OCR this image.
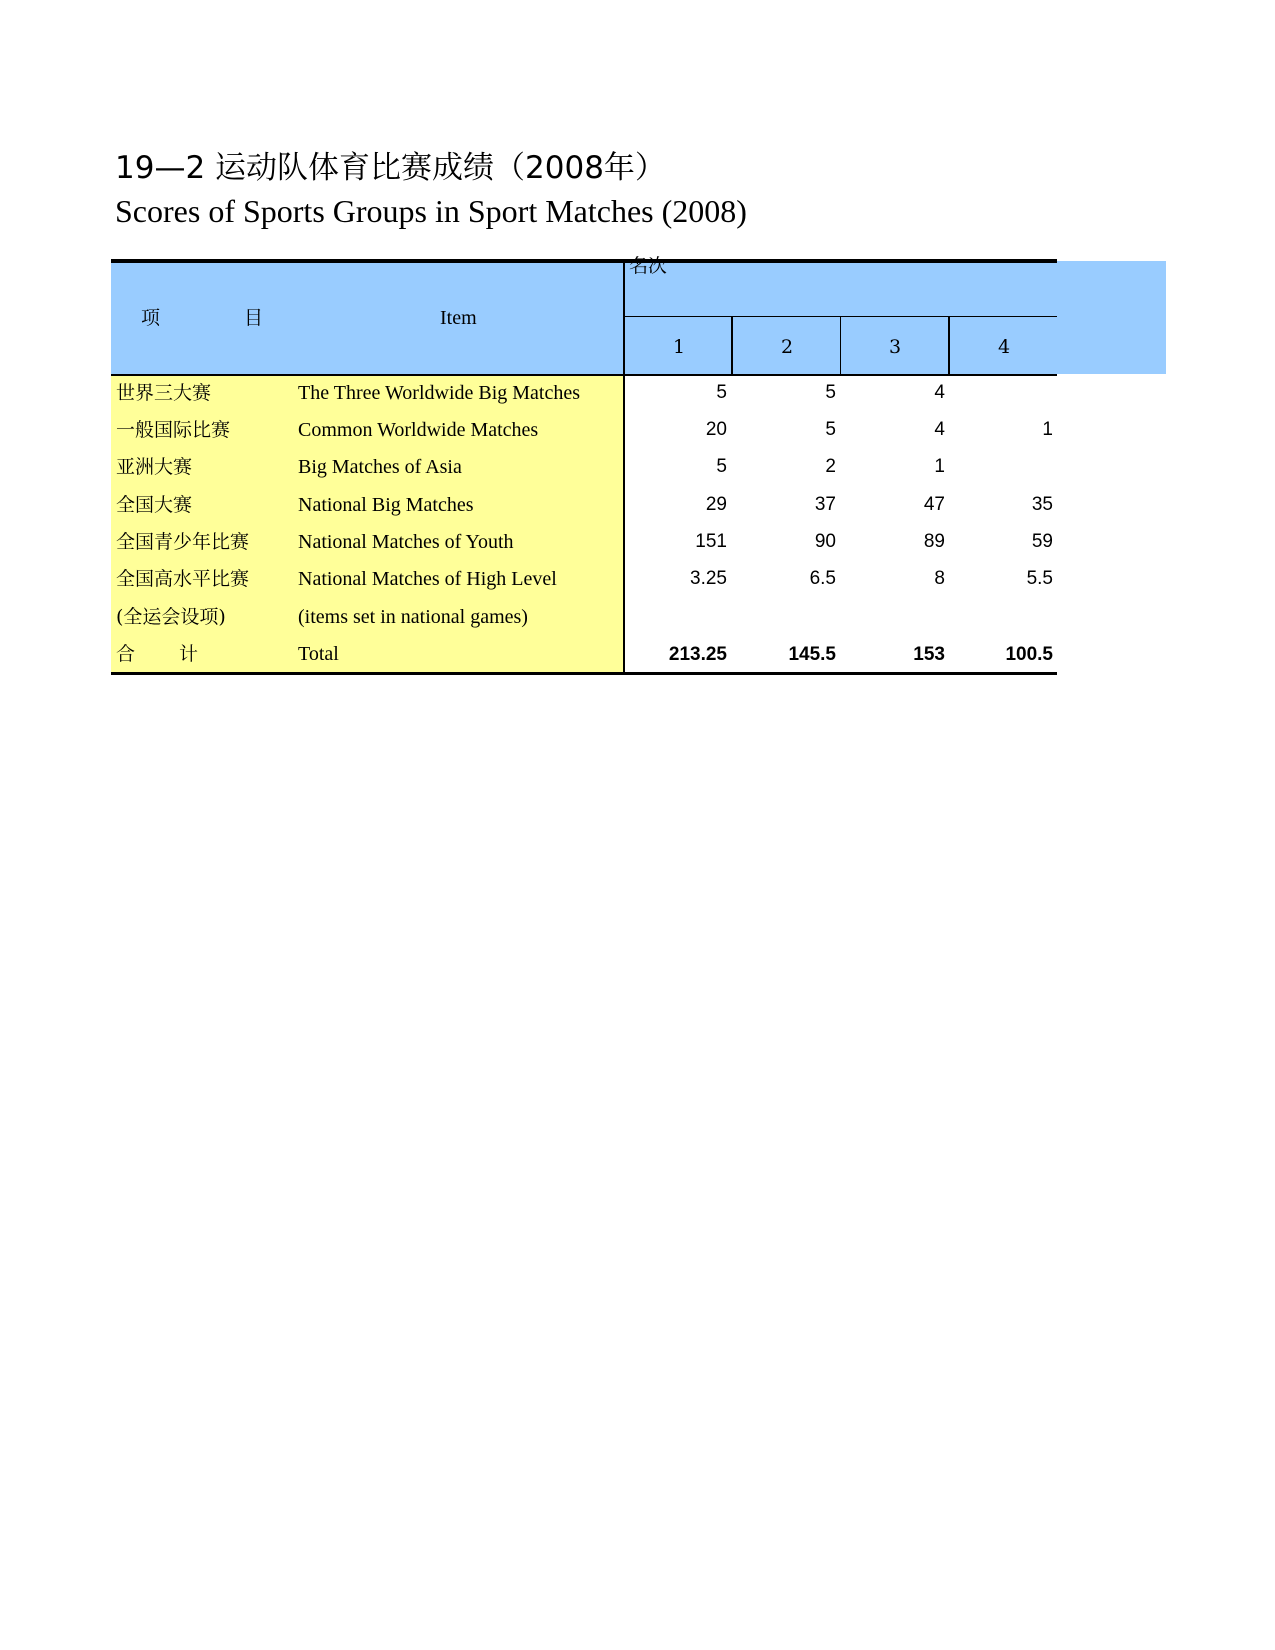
19—2 运动队体育比赛成绩（2008年）
Scores of Sports Groups in Sport Matches (2008)
项	目	Item
名次
1	2	3	4
世界三大赛	The Three Worldwide Big Matches	5	5	4
一般国际比赛	Common Worldwide Matches	20	5	4	1
亚洲大赛	Big Matches of Asia	5	2	1
全国大赛	National Big Matches	29	37	47	35
全国青少年比赛 National Matches of Youth	151	90	89	59
全国高水平比赛 National Matches of High Level	3.25	6.5	8	5.5
(全运会设项)	(items set in national games)
合 计	Total	213.25	145.5	153	100.5
